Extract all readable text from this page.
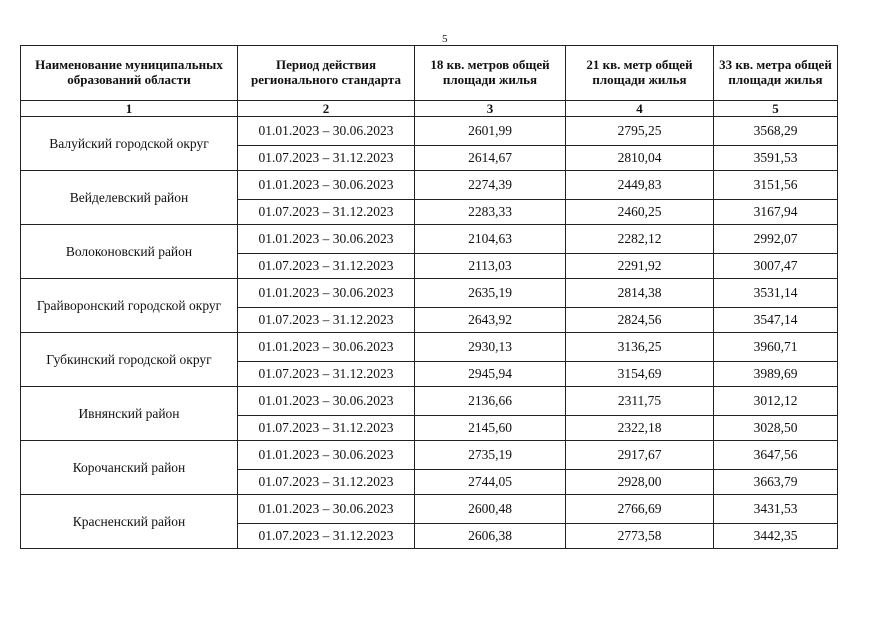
5
Наименование муниципальных образований области	Период действия регионального стандарта	18 кв. метров общей площади жилья	21 кв. метр общей площади жилья	33 кв. метра общей площади жилья
1	2	3	4	5
Валуйский городской округ	01.01.2023 – 30.06.2023	2601,99	2795,25	3568,29
	01.07.2023 – 31.12.2023	2614,67	2810,04	3591,53
Вейделевский район	01.01.2023 – 30.06.2023	2274,39	2449,83	3151,56
	01.07.2023 – 31.12.2023	2283,33	2460,25	3167,94
Волоконовский район	01.01.2023 – 30.06.2023	2104,63	2282,12	2992,07
	01.07.2023 – 31.12.2023	2113,03	2291,92	3007,47
Грайворонский городской округ	01.01.2023 – 30.06.2023	2635,19	2814,38	3531,14
	01.07.2023 – 31.12.2023	2643,92	2824,56	3547,14
Губкинский городской округ	01.01.2023 – 30.06.2023	2930,13	3136,25	3960,71
	01.07.2023 – 31.12.2023	2945,94	3154,69	3989,69
Ивнянский район	01.01.2023 – 30.06.2023	2136,66	2311,75	3012,12
	01.07.2023 – 31.12.2023	2145,60	2322,18	3028,50
Корочанский район	01.01.2023 – 30.06.2023	2735,19	2917,67	3647,56
	01.07.2023 – 31.12.2023	2744,05	2928,00	3663,79
Красненский район	01.01.2023 – 30.06.2023	2600,48	2766,69	3431,53
	01.07.2023 – 31.12.2023	2606,38	2773,58	3442,35
